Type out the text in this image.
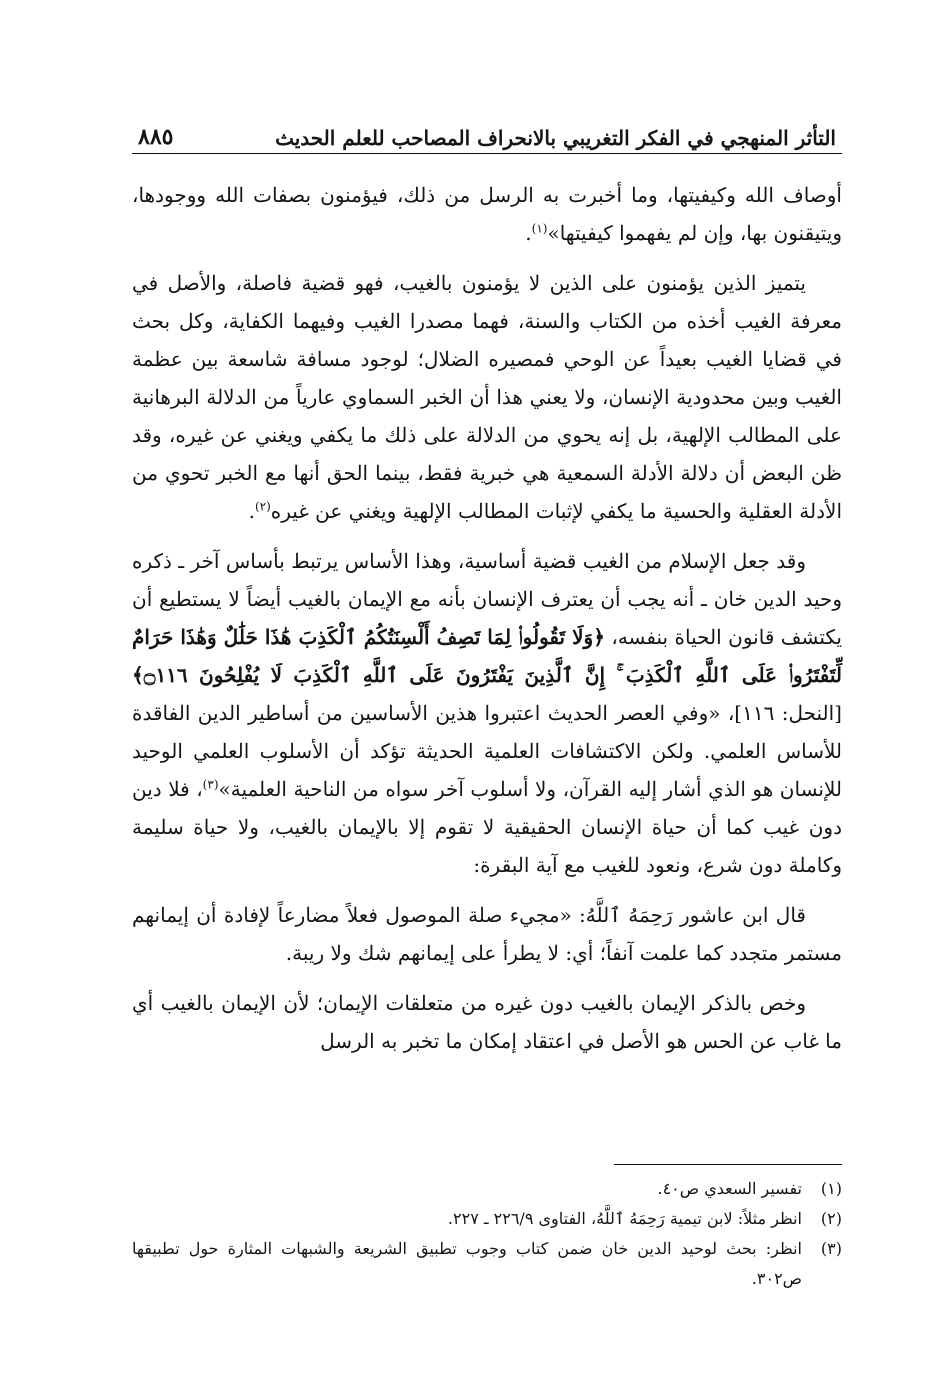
التأثر المنهجي في الفكر التغريبي بالانحراف المصاحب للعلم الحديث
٨٨٥

أوصاف الله وكيفيتها، وما أخبرت به الرسل من ذلك، فيؤمنون بصفات الله ووجودها، ويتيقنون بها، وإن لم يفهموا كيفيتها»$^{(١)}$.

يتميز الذين يؤمنون على الذين لا يؤمنون بالغيب، فهو قضية فاصلة، والأصل في معرفة الغيب أخذه من الكتاب والسنة، فهما مصدرا الغيب وفيهما الكفاية، وكل بحث في قضايا الغيب بعيداً عن الوحي فمصيره الضلال؛ لوجود مسافة شاسعة بين عظمة الغيب وبين محدودية الإنسان، ولا يعني هذا أن الخبر السماوي عارياً من الدلالة البرهانية على المطالب الإلهية، بل إنه يحوي من الدلالة على ذلك ما يكفي ويغني عن غيره، وقد ظن البعض أن دلالة الأدلة السمعية هي خبرية فقط، بينما الحق أنها مع الخبر تحوي من الأدلة العقلية والحسية ما يكفي لإثبات المطالب الإلهية ويغني عن غيره$^{(٢)}$.

وقد جعل الإسلام من الغيب قضية أساسية، وهذا الأساس يرتبط بأساس آخر ـ ذكره وحيد الدين خان ـ أنه يجب أن يعترف الإنسان بأنه مع الإيمان بالغيب أيضاً لا يستطيع أن يكتشف قانون الحياة بنفسه، ﴿وَلَا تَقُولُوا۟ لِمَا تَصِفُ أَلْسِنَتُكُمُ ٱلْكَذِبَ هَٰذَا حَلَٰلٌ وَهَٰذَا حَرَامٌ لِّتَفْتَرُوا۟ عَلَى ٱللَّهِ ٱلْكَذِبَ ۚ إِنَّ ٱلَّذِينَ يَفْتَرُونَ عَلَى ٱللَّهِ ٱلْكَذِبَ لَا يُفْلِحُونَ ۝١١٦﴾ [النحل: ١١٦]، «وفي العصر الحديث اعتبروا هذين الأساسين من أساطير الدين الفاقدة للأساس العلمي. ولكن الاكتشافات العلمية الحديثة تؤكد أن الأسلوب العلمي الوحيد للإنسان هو الذي أشار إليه القرآن، ولا أسلوب آخر سواه من الناحية العلمية»$^{(٣)}$، فلا دين دون غيب كما أن حياة الإنسان الحقيقية لا تقوم إلا بالإيمان بالغيب، ولا حياة سليمة وكاملة دون شرع، ونعود للغيب مع آية البقرة:

قال ابن عاشور رَحِمَهُ ٱللَّهُ: «مجيء صلة الموصول فعلاً مضارعاً لإفادة أن إيمانهم مستمر متجدد كما علمت آنفاً؛ أي: لا يطرأ على إيمانهم شك ولا ريبة.

وخص بالذكر الإيمان بالغيب دون غيره من متعلقات الإيمان؛ لأن الإيمان بالغيب أي ما غاب عن الحس هو الأصل في اعتقاد إمكان ما تخبر به الرسل

(١)
تفسير السعدي ص٤٠.
(٢)
انظر مثلاً: لابن تيمية رَحِمَهُ ٱللَّهُ، الفتاوى ٢٢٦/٩ ـ ٢٢٧.
(٣)
انظر: بحث لوحيد الدين خان ضمن كتاب وجوب تطبيق الشريعة والشبهات المثارة حول تطبيقها ص٣٠٢.
